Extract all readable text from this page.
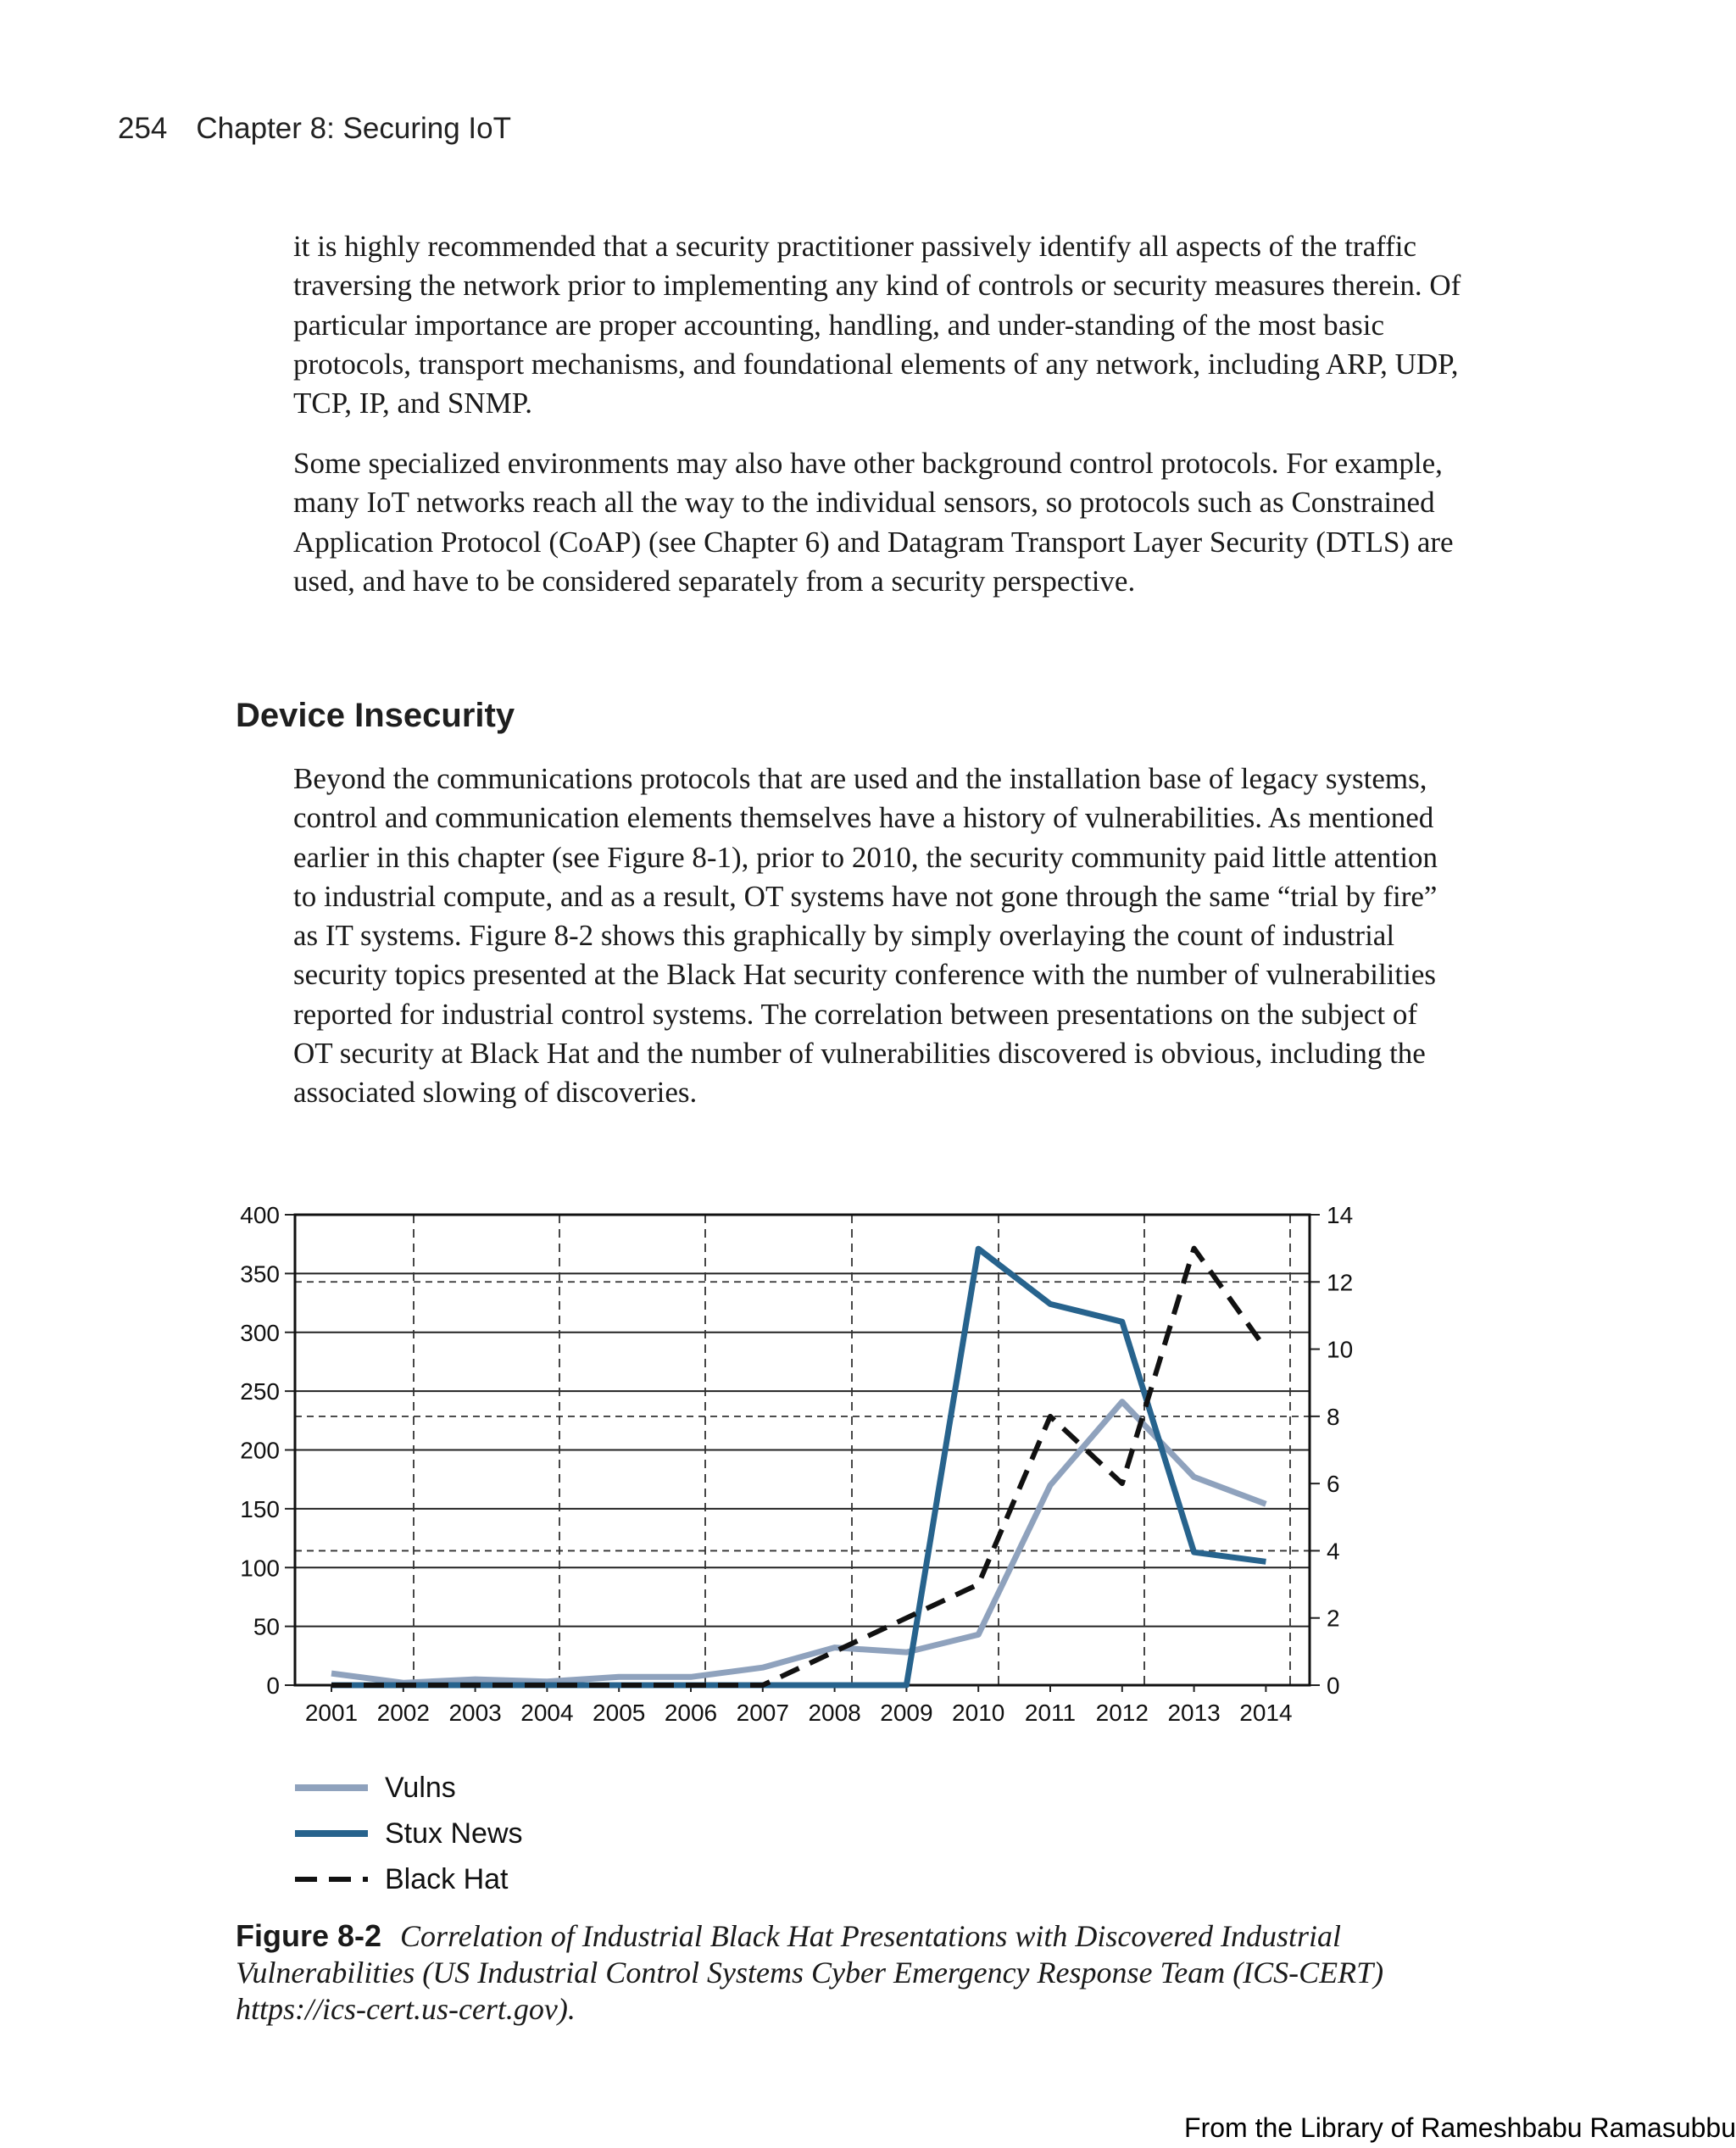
254 Chapter 8: Securing IoT

it is highly recommended that a security practitioner passively identify all aspects of the traffic traversing the network prior to implementing any kind of controls or security measures therein. Of particular importance are proper accounting, handling, and under-standing of the most basic protocols, transport mechanisms, and foundational elements of any network, including ARP, UDP, TCP, IP, and SNMP.

Some specialized environments may also have other background control protocols. For example, many IoT networks reach all the way to the individual sensors, so protocols such as Constrained Application Protocol (CoAP) (see Chapter 6) and Datagram Transport Layer Security (DTLS) are used, and have to be considered separately from a security perspective.

Device Insecurity

Beyond the communications protocols that are used and the installation base of legacy systems, control and communication elements themselves have a history of vulnerabilities. As mentioned earlier in this chapter (see Figure 8-1), prior to 2010, the security community paid little attention to industrial compute, and as a result, OT systems have not gone through the same “trial by fire” as IT systems. Figure 8-2 shows this graphically by simply overlaying the count of industrial security topics presented at the Black Hat security conference with the number of vulnerabilities reported for industrial control systems. The correlation between presentations on the subject of OT security at Black Hat and the number of vulnerabilities discovered is obvious, including the associated slowing of discoveries.

0
50
100
150
200
250
300
350
400
0
2
4
6
8
10
12
14
2001 2002 2003 2004 2005 2006 2007 2008 2009 2010 2011 2012 2013 2014
Vulns
Stux News
Black Hat
Figure 8-2 Correlation of Industrial Black Hat Presentations with Discovered Industrial Vulnerabilities (US Industrial Control Systems Cyber Emergency Response Team (ICS-CERT) https://ics-cert.us-cert.gov).
From the Library of Rameshbabu Ramasubbu
